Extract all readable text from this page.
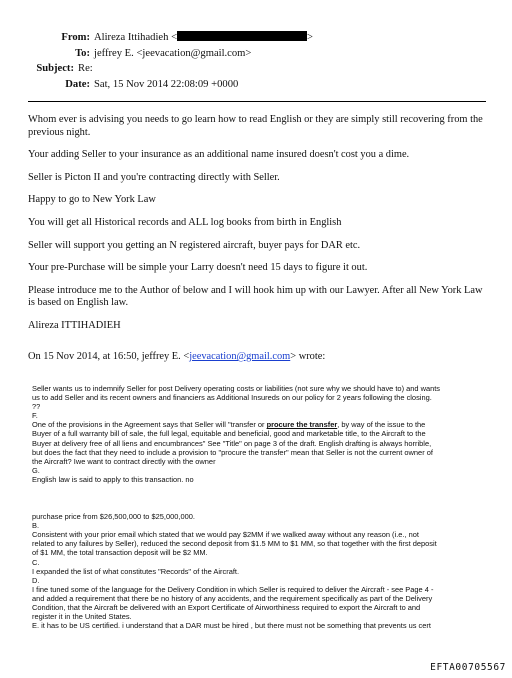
From: Alireza Ittihadieh <	>
To: jeffrey E. <jeevacation@gmail.com>
Subject: Re:
Date: Sat, 15 Nov 2014 22:08:09 +0000

Whom ever is advising you needs to go learn how to read English or they are simply still recovering from the previous night.

Your adding Seller to your insurance as an additional name insured doesn't cost you a dime.

Seller is Picton II and you're contracting directly with Seller.

Happy to go to New York Law

You will get all Historical records and ALL log books from birth in English

Seller will support you getting an N registered aircraft, buyer pays for DAR etc.

Your pre-Purchase will be simple your Larry doesn't need 15 days to figure it out.

Please introduce me to the Author of below and I will hook him up with our Lawyer. After all New York Law is based on English law.

Alireza ITTIHADIEH

On 15 Nov 2014, at 16:50, jeffrey E. <jeevacation@gmail.com> wrote:
Seller wants us to indemnify Seller for post Delivery operating costs or liabilities (not sure why we should have to) and wants
us to add Seller and its recent owners and financiers as Additional Insureds on our policy for 2 years following the closing.
??
F.
One of the provisions in the Agreement says that Seller will "transfer or procure the transfer, by way of the issue to the
Buyer of a full warranty bill of sale, the full legal, equitable and beneficial, good and marketable title, to the Aircraft to the
Buyer at delivery free of all liens and encumbrances" See "Title" on page 3 of the draft. English drafting is always horrible,
but does the fact that they need to include a provision to "procure the transfer" mean that Seller is not the current owner of
the Aircraft? Iwe want to contract directly with the owner
G.
English law is said to apply to this transaction. no
purchase price from $26,500,000 to $25,000,000.
B.
Consistent with your prior email which stated that we would pay $2MM if we walked away without any reason (i.e., not
related to any failures by Seller), reduced the second deposit from $1.5 MM to $1 MM, so that together with the first deposit
of $1 MM, the total transaction deposit will be $2 MM.
C.
I expanded the list of what constitutes "Records" of the Aircraft.
D.
I fine tuned some of the language for the Delivery Condition in which Seller is required to deliver the Aircraft - see Page 4 -
and added a requirement that there be no history of any accidents, and the requirement specifically as part of the Delivery
Condition, that the Aircraft be delivered with an Export Certificate of Airworthiness required to export the Aircraft to and
register it in the United States.
E. it has to be US certified. i understand that a DAR must be hired , but there must not be something that prevents us cert
EFTA00705567
